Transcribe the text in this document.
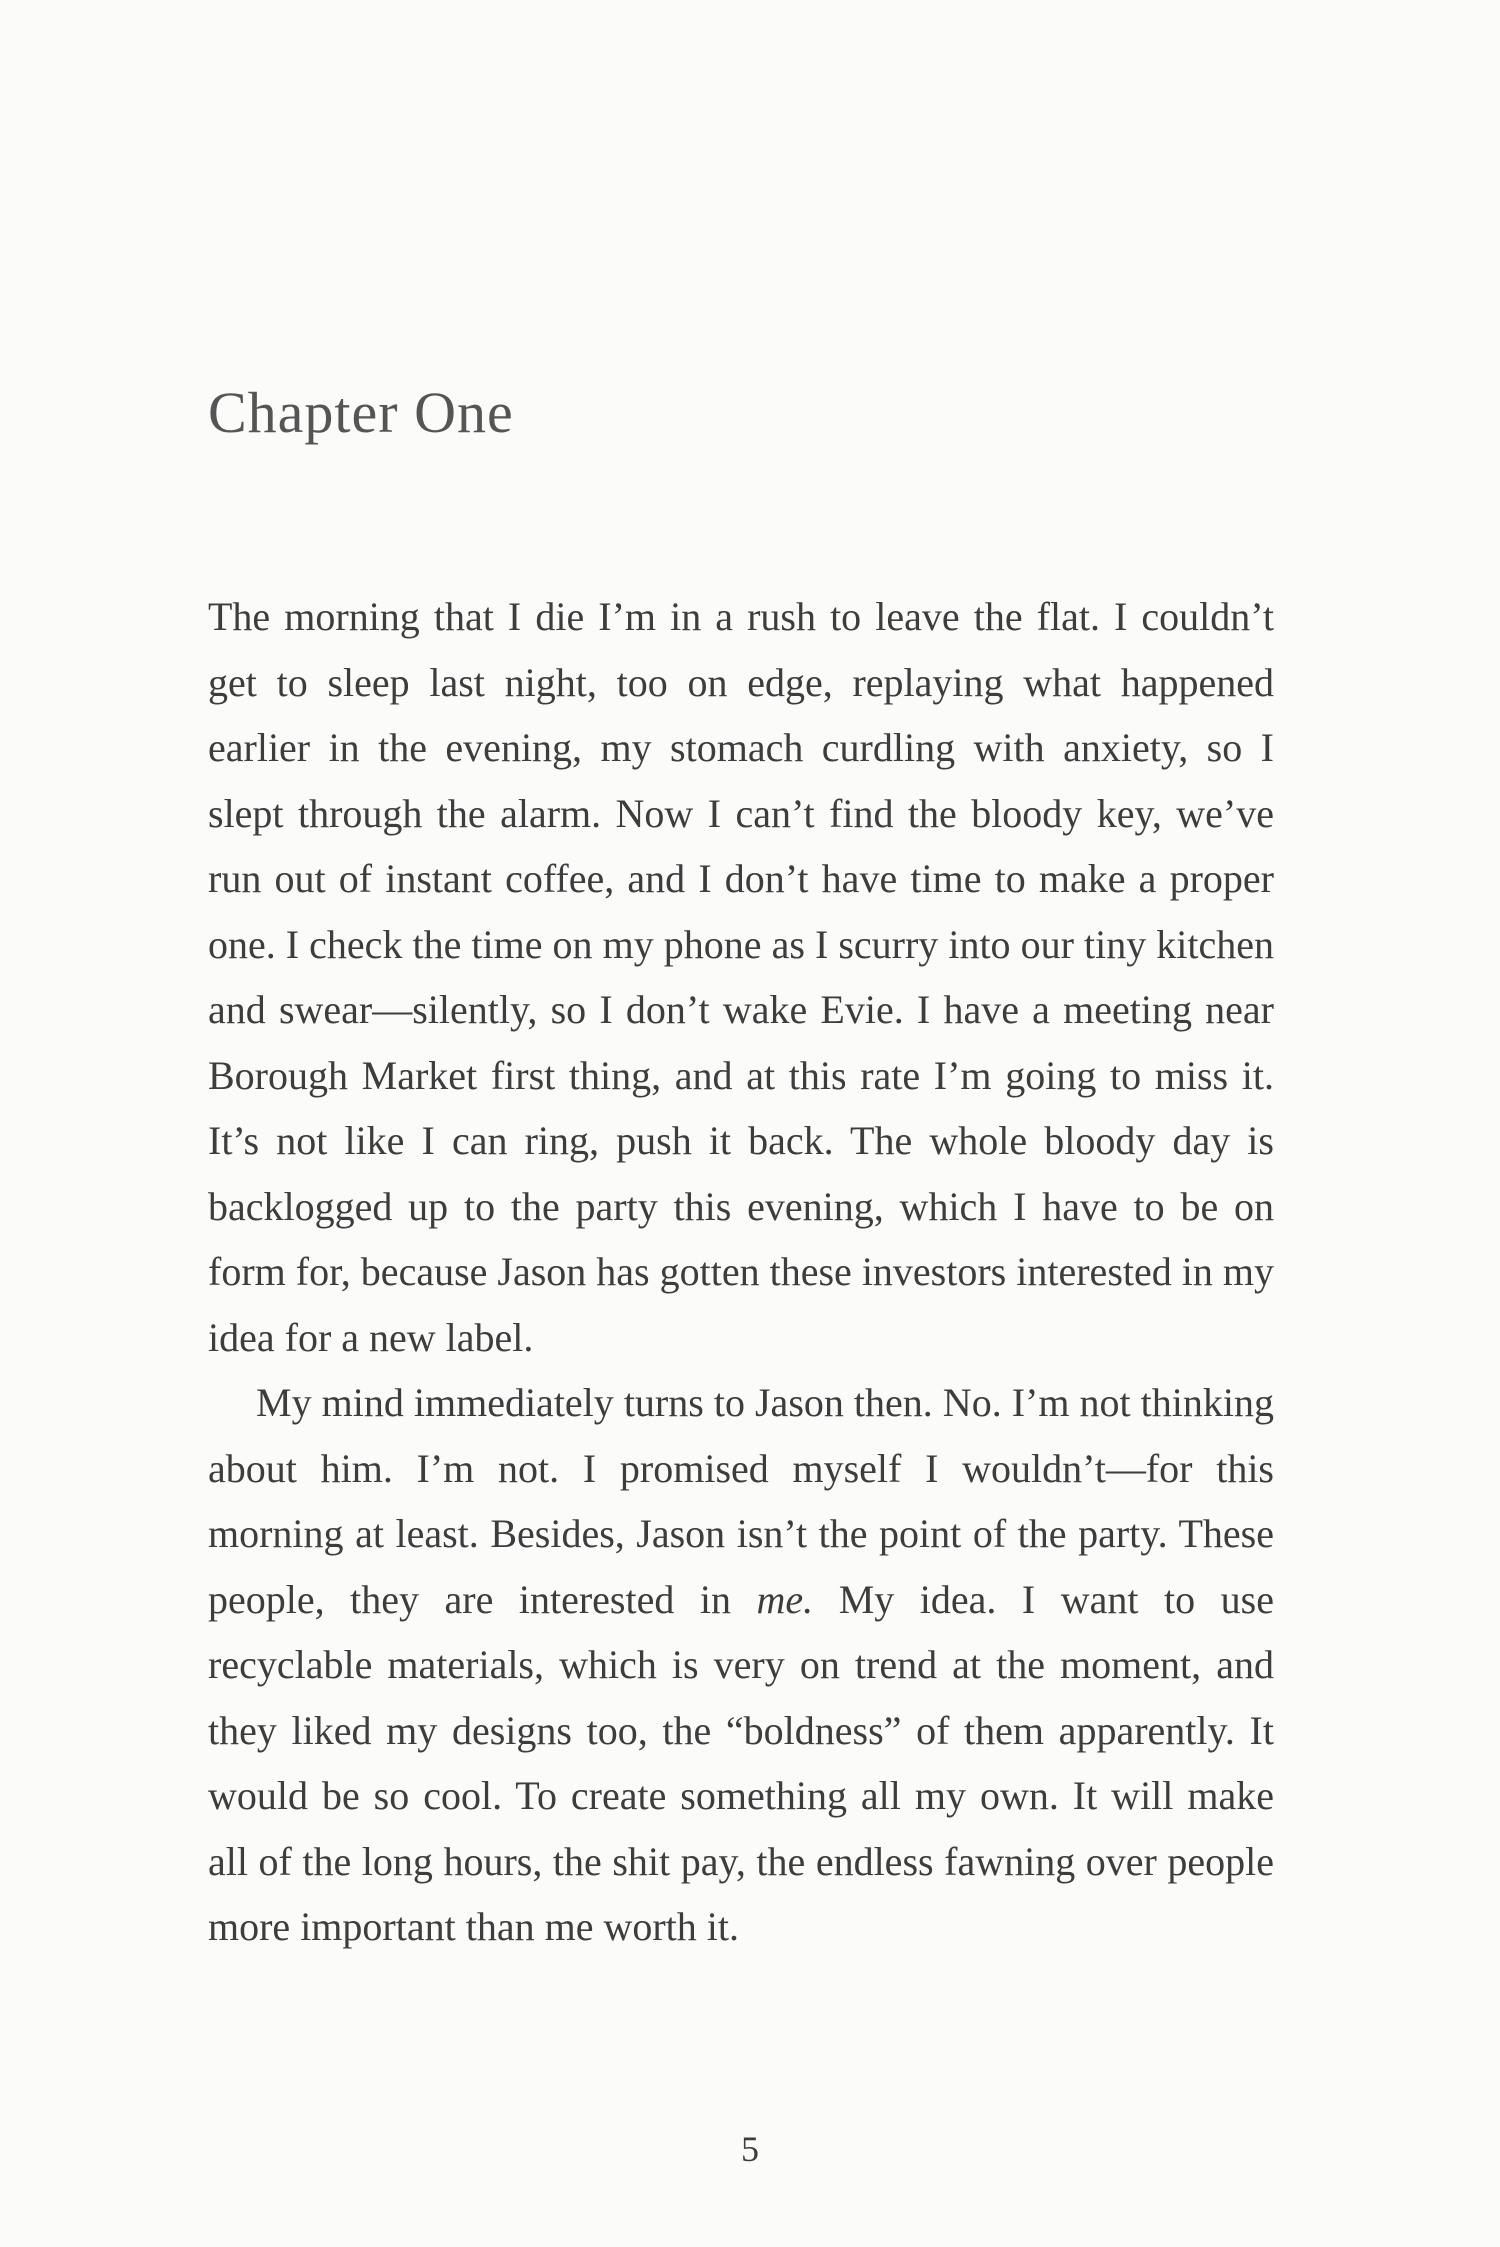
Chapter One

The morning that I die I’m in a rush to leave the flat. I couldn’t get to sleep last night, too on edge, replaying what happened earlier in the evening, my stomach curdling with anxiety, so I slept through the alarm. Now I can’t find the bloody key, we’ve run out of instant coffee, and I don’t have time to make a proper one. I check the time on my phone as I scurry into our tiny kitchen and swear—silently, so I don’t wake Evie. I have a meeting near Borough Market first thing, and at this rate I’m going to miss it. It’s not like I can ring, push it back. The whole bloody day is backlogged up to the party this evening, which I have to be on form for, because Jason has gotten these investors interested in my idea for a new label.

My mind immediately turns to Jason then. No. I’m not thinking about him. I’m not. I promised myself I wouldn’t—for this morning at least. Besides, Jason isn’t the point of the party. These people, they are interested in me. My idea. I want to use recyclable materials, which is very on trend at the moment, and they liked my designs too, the “boldness” of them apparently. It would be so cool. To create something all my own. It will make all of the long hours, the shit pay, the endless fawning over people more important than me worth it.

5
